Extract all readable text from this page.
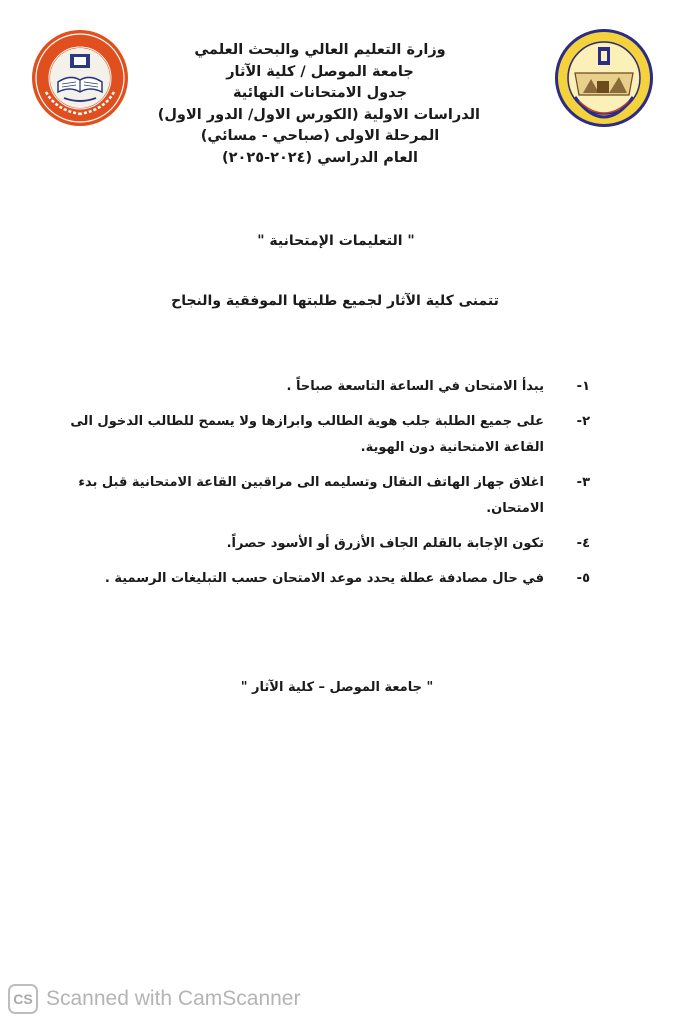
وزارة التعليم العالي والبحث العلمي
جامعة الموصل / كلية الآثار
جدول الامتحانات النهائية
الدراسات الاولية (الكورس الاول/ الدور الاول)
المرحلة الاولى (صباحي - مسائي)
العام الدراسي (٢٠٢٤-٢٠٢٥)
" التعليمات الإمتحانية "
تتمنى كلية الآثار لجميع طلبتها الموفقية والنجاح
١-
يبدأ الامتحان في الساعة التاسعة صباحاً .
٢-
على جميع الطلبة جلب هوية الطالب وابرازها ولا يسمح للطالب الدخول الى القاعة الامتحانية دون الهوية.
٣-
اغلاق جهاز الهاتف النقال وتسليمه الى مراقبين القاعة الامتحانية قبل بدء الامتحان.
٤-
تكون الإجابة بالقلم الجاف الأزرق أو الأسود حصراً.
٥-
في حال مصادفة عطلة يحدد موعد الامتحان حسب التبليغات الرسمية .
" جامعة الموصل – كلية الآثار "
CS Scanned with CamScanner
